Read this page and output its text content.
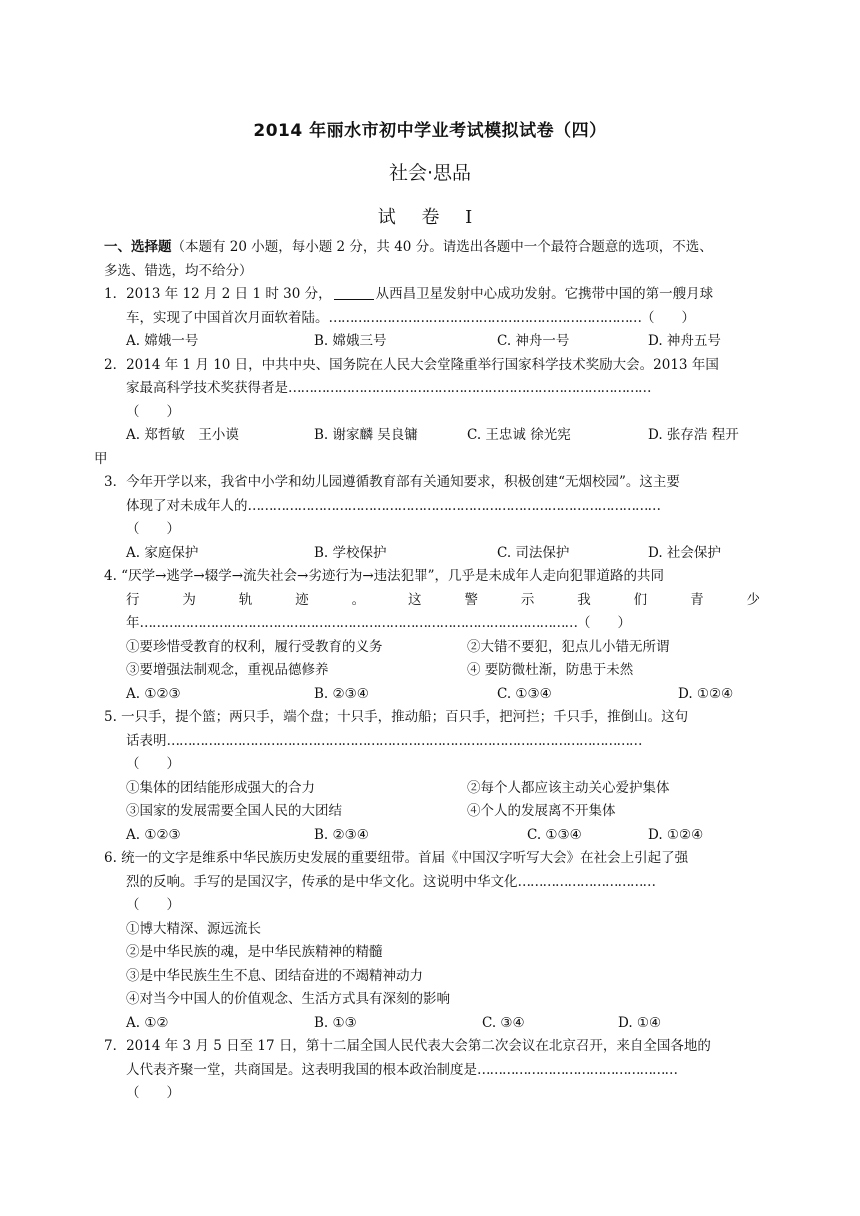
2014 年丽水市初中学业考试模拟试卷（四）
社会·思品
试 卷 Ⅰ
一、选择题（本题有 20 小题，每小题 2 分，共 40 分。请选出各题中一个最符合题意的选项，不选、
多选、错选，均不给分）
1．2013 年 12 月 2 日 1 时 30 分，	从西昌卫星发射中心成功发射。它携带中国的第一艘月球
车，实现了中国首次月面软着陆。…………………………………………………………………（　　）
A. 嫦娥一号	B. 嫦娥三号	C. 神舟一号	D. 神舟五号
2．2014 年 1 月 10 日，中共中央、国务院在人民大会堂隆重举行国家科学技术奖励大会。2013 年国
家最高科学技术奖获得者是……………………………………………………………………………
（　　）
A. 郑哲敏　王小谟	B. 谢家麟 吴良镛	C. 王忠诚 徐光宪	D. 张存浩 程开
甲
3．今年开学以来，我省中小学和幼儿园遵循教育部有关通知要求，积极创建“无烟校园”。这主要
体现了对未成年人的………………………………………………………………………………………
（　　）
A. 家庭保护	B. 学校保护	C. 司法保护	D. 社会保护
4. “厌学→逃学→辍学→流失社会→劣迹行为→违法犯罪”，几乎是未成年人走向犯罪道路的共同
行	为	轨	迹	。	这	警	示	我	们	青	少
年……………………………………………………………………………………………（　　）
①要珍惜受教育的权利，履行受教育的义务	②大错不要犯，犯点儿小错无所谓
③要增强法制观念，重视品德修养	④ 要防微杜渐，防患于未然
A. ①②③	B. ②③④	C. ①③④	D. ①②④
5. 一只手，提个篮；两只手，端个盘；十只手，推动船；百只手，把河拦；千只手，推倒山。这句
话表明……………………………………………………………………………………………………
（　　）
①集体的团结能形成强大的合力	②每个人都应该主动关心爱护集体
③国家的发展需要全国人民的大团结	④个人的发展离不开集体
A. ①②③	B. ②③④	C. ①③④	D. ①②④
6. 统一的文字是维系中华民族历史发展的重要纽带。首届《中国汉字听写大会》在社会上引起了强
烈的反响。手写的是国汉字，传承的是中华文化。这说明中华文化……………………………
（　　）
①博大精深、源远流长
②是中华民族的魂，是中华民族精神的精髓
③是中华民族生生不息、团结奋进的不竭精神动力
④对当今中国人的价值观念、生活方式具有深刻的影响
A. ①②	B. ①③	C. ③④	D. ①④
7．2014 年 3 月 5 日至 17 日，第十二届全国人民代表大会第二次会议在北京召开，来自全国各地的
人代表齐聚一堂，共商国是。这表明我国的根本政治制度是…………………………………………
（　　）
